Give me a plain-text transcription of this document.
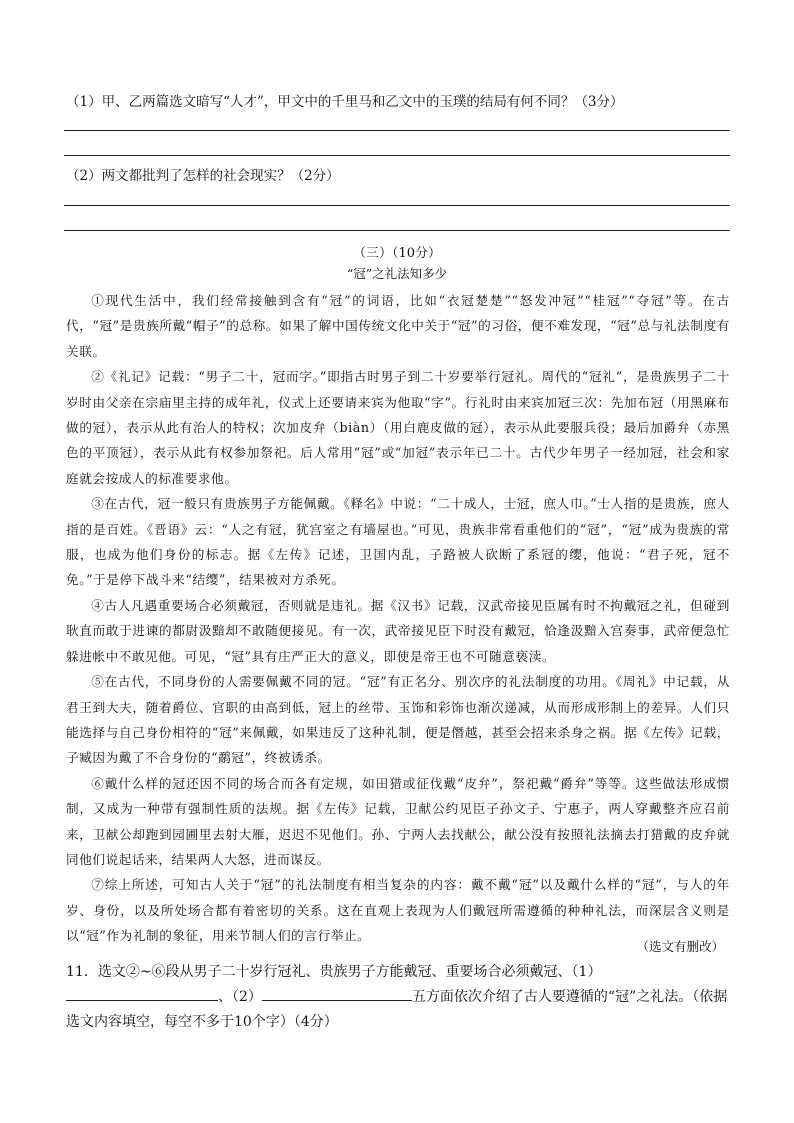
（1）甲、乙两篇选文暗写“人才”，甲文中的千里马和乙文中的玉璞的结局有何不同？（3分）
（2）两文都批判了怎样的社会现实？（2分）
（三）（10分）
“冠”之礼法知多少

①现代生活中，我们经常接触到含有“冠”的词语，比如“衣冠楚楚”“怒发冲冠”“桂冠”“夺冠”等。在古代，“冠”是贵族所戴“帽子”的总称。如果了解中国传统文化中关于“冠”的习俗，便不难发现，“冠”总与礼法制度有关联。

②《礼记》记载：“男子二十，冠而字。”即指古时男子到二十岁要举行冠礼。周代的“冠礼”，是贵族男子二十岁时由父亲在宗庙里主持的成年礼，仪式上还要请来宾为他取“字”。行礼时由来宾加冠三次：先加布冠（用黑麻布做的冠），表示从此有治人的特权；次加皮弁（biàn）（用白鹿皮做的冠），表示从此要服兵役；最后加爵弁（赤黑色的平顶冠），表示从此有权参加祭祀。后人常用“冠”或“加冠”表示年已二十。古代少年男子一经加冠，社会和家庭就会按成人的标准要求他。

③在古代，冠一般只有贵族男子方能佩戴。《释名》中说：“二十成人，士冠，庶人巾。”士人指的是贵族，庶人指的是百姓。《晋语》云：“人之有冠，犹宫室之有墙屋也。”可见，贵族非常看重他们的“冠”，“冠”成为贵族的常服，也成为他们身份的标志。据《左传》记述，卫国内乱，子路被人砍断了系冠的缨，他说：“君子死，冠不免。”于是停下战斗来“结缨”，结果被对方杀死。

④古人凡遇重要场合必须戴冠，否则就是违礼。据《汉书》记载，汉武帝接见臣属有时不拘戴冠之礼，但碰到耿直而敢于进谏的都尉汲黯却不敢随便接见。有一次，武帝接见臣下时没有戴冠，恰逢汲黯入宫奏事，武帝便急忙躲进帐中不敢见他。可见，“冠”具有庄严正大的意义，即使是帝王也不可随意亵渎。

⑤在古代，不同身份的人需要佩戴不同的冠。“冠”有正名分、别次序的礼法制度的功用。《周礼》中记载，从君王到大夫，随着爵位、官职的由高到低，冠上的丝带、玉饰和彩饰也渐次递减，从而形成形制上的差异。人们只能选择与自己身份相符的“冠”来佩戴，如果违反了这种礼制，便是僭越，甚至会招来杀身之祸。据《左传》记载，子臧因为戴了不合身份的“鹬冠”，终被诱杀。

⑥戴什么样的冠还因不同的场合而各有定规，如田猎或征伐戴“皮弁”，祭祀戴“爵弁”等等。这些做法形成惯制，又成为一种带有强制性质的法规。据《左传》记载，卫献公约见臣子孙文子、宁惠子，两人穿戴整齐应召前来，卫献公却跑到园圃里去射大雁，迟迟不见他们。孙、宁两人去找献公，献公没有按照礼法摘去打猎戴的皮弁就同他们说起话来，结果两人大怒，进而谋反。

⑦综上所述，可知古人关于“冠”的礼法制度有相当复杂的内容：戴不戴“冠”以及戴什么样的“冠”，与人的年岁、身份，以及所处场合都有着密切的关系。这在直观上表现为人们戴冠所需遵循的种种礼法，而深层含义则是以“冠”作为礼制的象征，用来节制人们的言行举止。

（选文有删改）
11．选文②~⑥段从男子二十岁行冠礼、贵族男子方能戴冠、重要场合必须戴冠、（1）
、（2）	五方面依次介绍了古人要遵循的“冠”之礼法。（依据选文内容填空，每空不多于10个字）（4分）
